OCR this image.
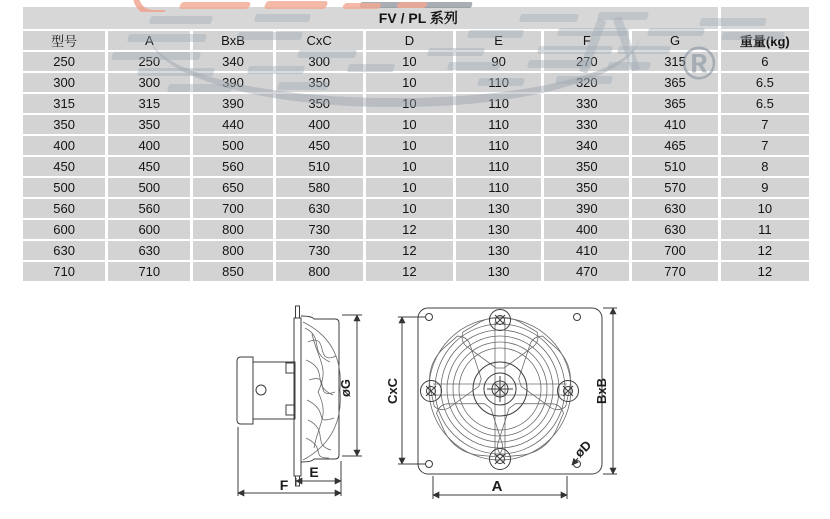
FV / PL 系列								
型号	A	BxB	CxC	D	E	F	G	重量(kg)
250	250	340	300	10	90	270	315	6
300	300	390	350	10	110	320	365	6.5
315	315	390	350	10	110	330	365	6.5
350	350	440	400	10	110	330	410	7
400	400	500	450	10	110	340	465	7
450	450	560	510	10	110	350	510	8
500	500	650	580	10	110	350	570	9
560	560	700	630	10	130	390	630	10
600	600	800	730	12	130	400	630	11
630	630	800	730	12	130	410	700	12
710	710	850	800	12	130	470	770	12
®
øG
E
F
CxC	BxB
A
øD
